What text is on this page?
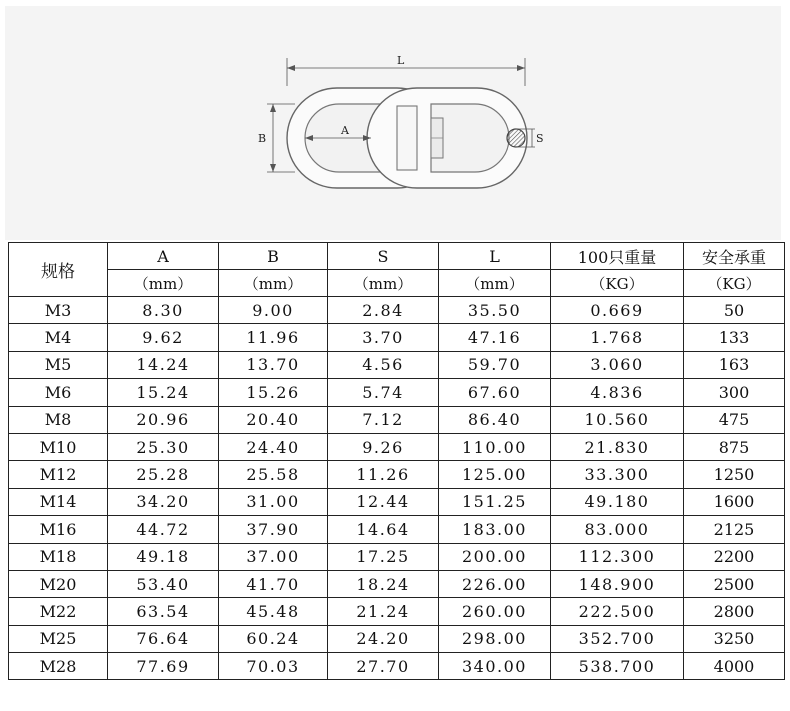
S
L
B
A
规格	A	B	S	L	100只重量	安全承重
	（mm）	（mm）	（mm）	（mm）	（KG）	（KG）
M3	8.30	9.00	2.84	35.50	0.669	50
M4	9.62	11.96	3.70	47.16	1.768	133
M5	14.24	13.70	4.56	59.70	3.060	163
M6	15.24	15.26	5.74	67.60	4.836	300
M8	20.96	20.40	7.12	86.40	10.560	475
M10	25.30	24.40	9.26	110.00	21.830	875
M12	25.28	25.58	11.26	125.00	33.300	1250
M14	34.20	31.00	12.44	151.25	49.180	1600
M16	44.72	37.90	14.64	183.00	83.000	2125
M18	49.18	37.00	17.25	200.00	112.300	2200
M20	53.40	41.70	18.24	226.00	148.900	2500
M22	63.54	45.48	21.24	260.00	222.500	2800
M25	76.64	60.24	24.20	298.00	352.700	3250
M28	77.69	70.03	27.70	340.00	538.700	4000
